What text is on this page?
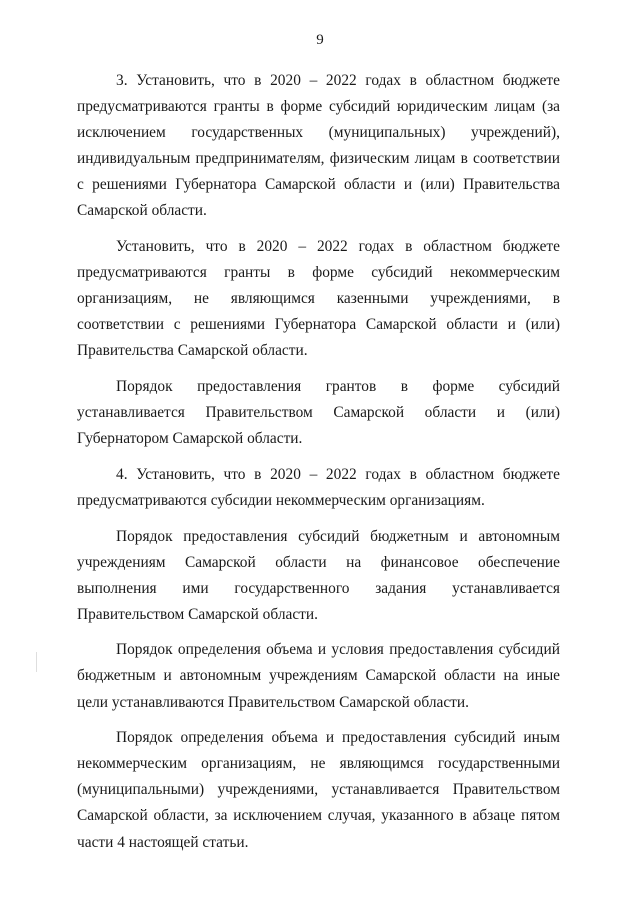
9

3. Установить, что в 2020 – 2022 годах в областном бюджете предусматриваются гранты в форме субсидий юридическим лицам (за исключением государственных (муниципальных) учреждений), индивидуальным предпринимателям, физическим лицам в соответствии с решениями Губернатора Самарской области и (или) Правительства Самарской области.

Установить, что в 2020 – 2022 годах в областном бюджете предусматриваются гранты в форме субсидий некоммерческим организациям, не являющимся казенными учреждениями, в соответствии с решениями Губернатора Самарской области и (или) Правительства Самарской области.

Порядок предоставления грантов в форме субсидий устанавливается Правительством Самарской области и (или) Губернатором Самарской области.

4. Установить, что в 2020 – 2022 годах в областном бюджете предусматриваются субсидии некоммерческим организациям.

Порядок предоставления субсидий бюджетным и автономным учреждениям Самарской области на финансовое обеспечение выполнения ими государственного задания устанавливается Правительством Самарской области.

Порядок определения объема и условия предоставления субсидий бюджетным и автономным учреждениям Самарской области на иные цели устанавливаются Правительством Самарской области.

Порядок определения объема и предоставления субсидий иным некоммерческим организациям, не являющимся государственными (муниципальными) учреждениями, устанавливается Правительством Самарской области, за исключением случая, указанного в абзаце пятом части 4 настоящей статьи.
